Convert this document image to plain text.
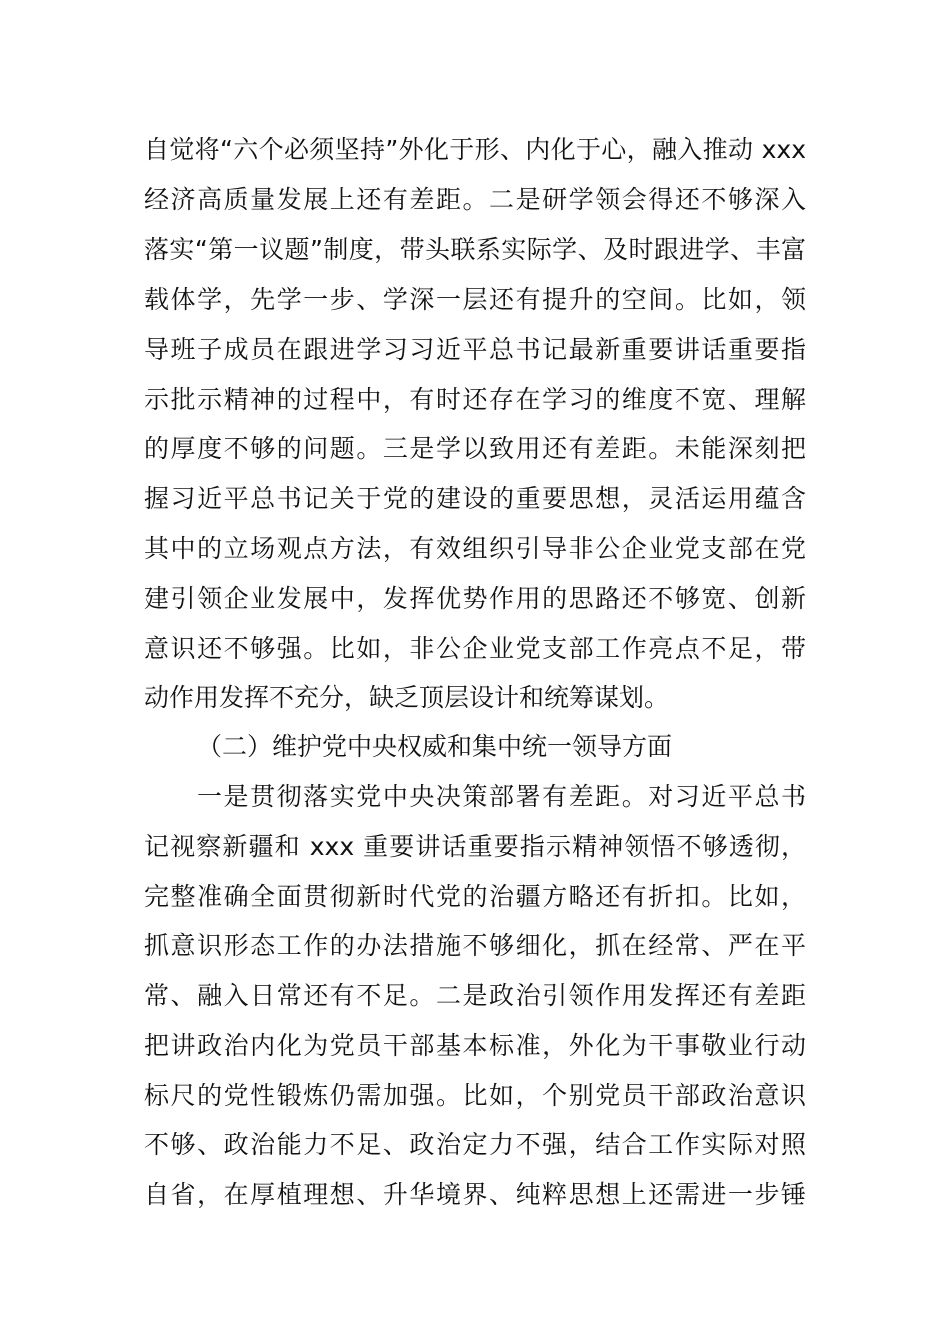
自觉将“六个必须坚持”外化于形、内化于心，融入推动 xxx
经济高质量发展上还有差距。二是研学领会得还不够深入
落实“第一议题”制度，带头联系实际学、及时跟进学、丰富
载体学，先学一步、学深一层还有提升的空间。比如，领
导班子成员在跟进学习习近平总书记最新重要讲话重要指
示批示精神的过程中，有时还存在学习的维度不宽、理解
的厚度不够的问题。三是学以致用还有差距。未能深刻把
握习近平总书记关于党的建设的重要思想，灵活运用蕴含
其中的立场观点方法，有效组织引导非公企业党支部在党
建引领企业发展中，发挥优势作用的思路还不够宽、创新
意识还不够强。比如，非公企业党支部工作亮点不足，带
动作用发挥不充分，缺乏顶层设计和统筹谋划。
（二）维护党中央权威和集中统一领导方面
一是贯彻落实党中央决策部署有差距。对习近平总书
记视察新疆和 xxx 重要讲话重要指示精神领悟不够透彻，
完整准确全面贯彻新时代党的治疆方略还有折扣。比如，
抓意识形态工作的办法措施不够细化，抓在经常、严在平
常、融入日常还有不足。二是政治引领作用发挥还有差距
把讲政治内化为党员干部基本标准，外化为干事敬业行动
标尺的党性锻炼仍需加强。比如，个别党员干部政治意识
不够、政治能力不足、政治定力不强，结合工作实际对照
自省，在厚植理想、升华境界、纯粹思想上还需进一步锤
